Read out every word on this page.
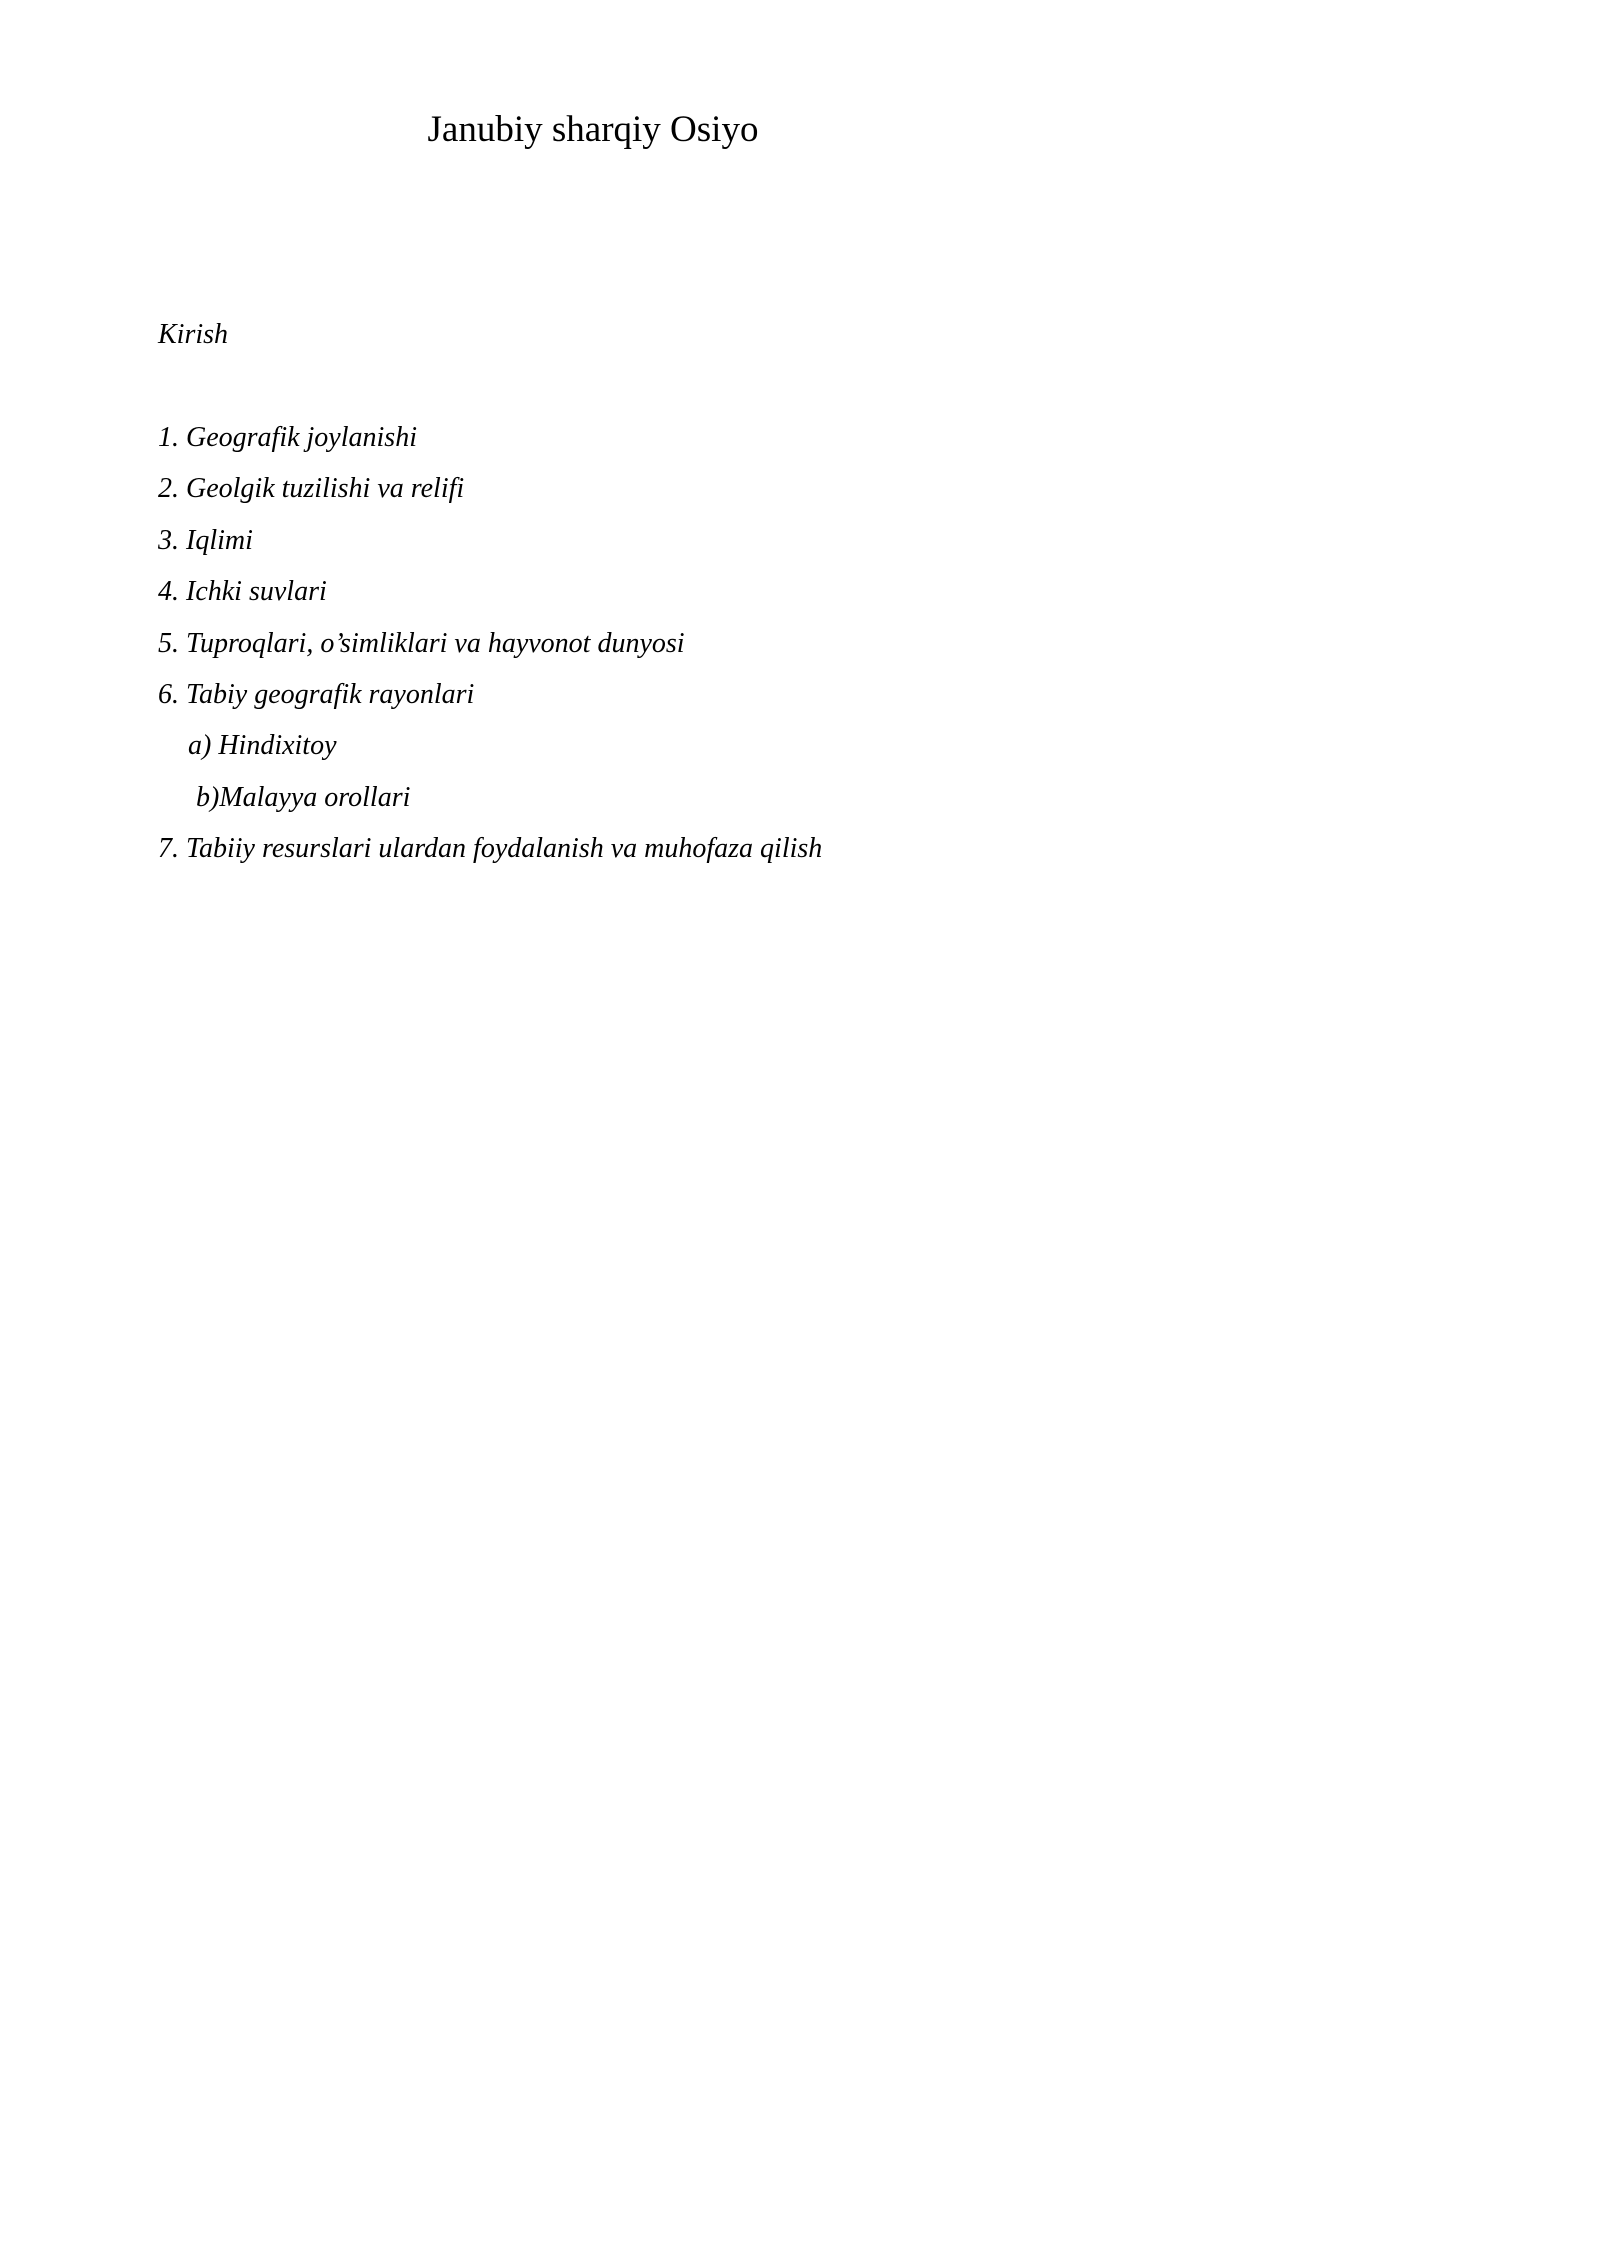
Janubiy sharqiy Osiyo
Kirish
1. Geografik joylanishi
2. Geolgik tuzilishi va relifi
3. Iqlimi
4. Ichki suvlari
5. Tuproqlari, o’simliklari va hayvonot dunyosi
6. Tabiy geografik rayonlari
a) Hindixitoy
b)Malayya orollari
7. Tabiiy resurslari ulardan foydalanish va muhofaza qilish
